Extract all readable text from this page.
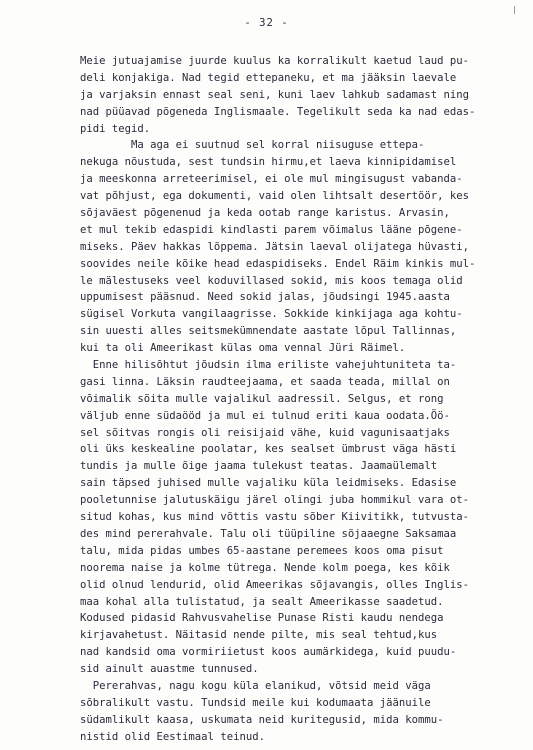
- 32 -
Meie jutuajamise juurde kuulus ka korralikult kaetud laud pu-
deli konjakiga. Nad tegid ettepaneku, et ma jääksin laevale
ja varjaksin ennast seal seni, kuni laev lahkub sadamast ning
nad püüavad põgeneda Inglismaale. Tegelikult seda ka nad edas-
pidi tegid.
Ma aga ei suutnud sel korral niisuguse ettepa-
nekuga nõustuda, sest tundsin hirmu,et laeva kinnipidamisel
ja meeskonna arreteerimisel, ei ole mul mingisugust vabanda-
vat põhjust, ega dokumenti, vaid olen lihtsalt desertöör, kes
sõjaväest põgenenud ja keda ootab range karistus. Arvasin,
et mul tekib edaspidi kindlasti parem võimalus lääne põgene-
miseks. Päev hakkas lõppema. Jätsin laeval olijatega hüvasti,
soovides neile kõike head edaspidiseks. Endel Räim kinkis mul-
le mälestuseks veel koduvillased sokid, mis koos temaga olid
uppumisest pääsnud. Need sokid jalas, jõudsingi 1945.aasta
sügisel Vorkuta vangilaagrisse. Sokkide kinkijaga aga kohtu-
sin uuesti alles seitsmekümnendate aastate lõpul Tallinnas,
kui ta oli Ameerikast külas oma vennal Jüri Räimel.
Enne hilisõhtut jõudsin ilma eriliste vahejuhtuniteta ta-
gasi linna. Läksin raudteejaama, et saada teada, millal on
võimalik sõita mulle vajalikul aadressil. Selgus, et rong
väljub enne südaööd ja mul ei tulnud eriti kaua oodata.Öö-
sel sõitvas rongis oli reisijaid vähe, kuid vagunisaatjaks
oli üks keskealine poolatar, kes sealset ümbrust väga hästi
tundis ja mulle õige jaama tulekust teatas. Jaamaülemalt
sain täpsed juhised mulle vajaliku küla leidmiseks. Edasise
pooletunnise jalutuskäigu järel olingi juba hommikul vara ot-
situd kohas, kus mind võttis vastu sõber Kiivitikk, tutvusta-
des mind pererahvale. Talu oli tüüpiline sõjaaegne Saksamaa
talu, mida pidas umbes 65-aastane peremees koos oma pisut
noorema naise ja kolme tütrega. Nende kolm poega, kes kõik
olid olnud lendurid, olid Ameerikas sõjavangis, olles Inglis-
maa kohal alla tulistatud, ja sealt Ameerikasse saadetud.
Kodused pidasid Rahvusvahelise Punase Risti kaudu nendega
kirjavahetust. Näitasid nende pilte, mis seal tehtud,kus
nad kandsid oma vormiriietust koos aumärkidega, kuid puudu-
sid ainult auastme tunnused.
Pererahvas, nagu kogu küla elanikud, võtsid meid väga
sõbralikult vastu. Tundsid meile kui kodumaata jäänuile
südamlikult kaasa, uskumata neid kuritegusid, mida kommu-
nistid olid Eestimaal teinud.
